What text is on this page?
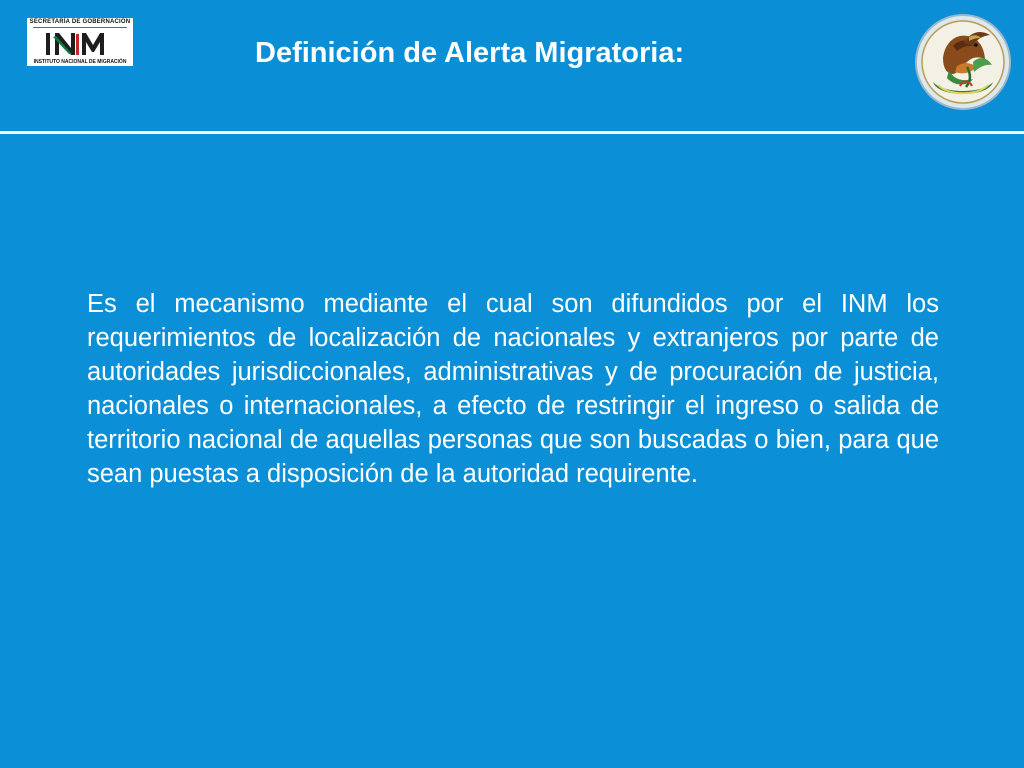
SECRETARÍA DE GOBERNACIÓN
INSTITUTO NACIONAL DE MIGRACIÓN	Definición de Alerta Migratoria:

Es el mecanismo mediante el cual son difundidos por el INM los requerimientos de localización de nacionales y extranjeros por parte de autoridades jurisdiccionales, administrativas y de procuración de justicia, nacionales o internacionales, a efecto de restringir el ingreso o salida de territorio nacional de aquellas personas que son buscadas o bien, para que sean puestas a disposición de la autoridad requirente.
